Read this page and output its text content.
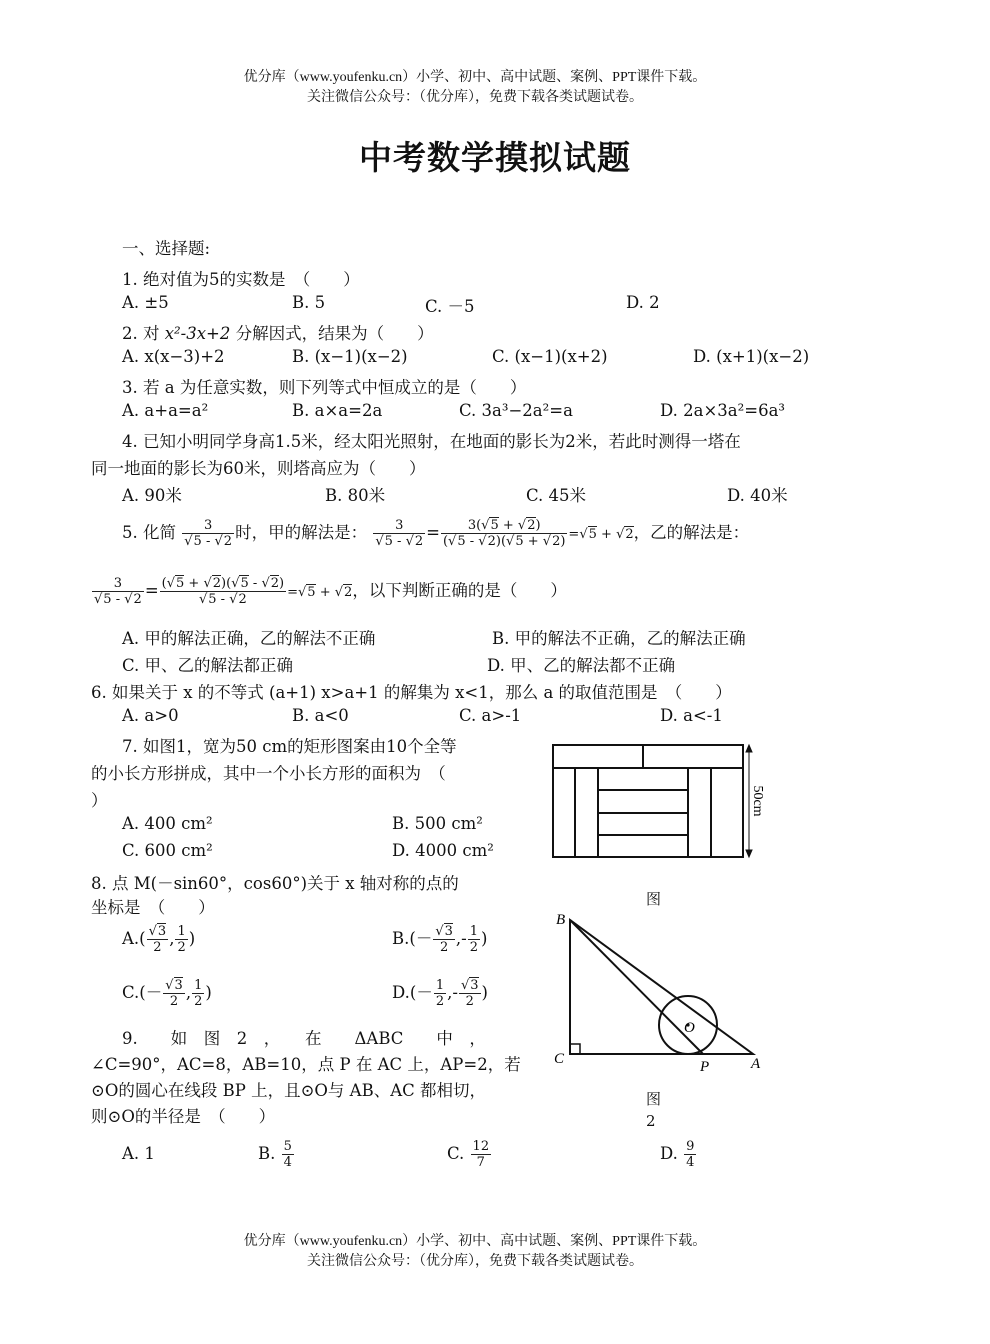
优分库（www.youfenku.cn）小学、初中、高中试题、案例、PPT课件下载。
关注微信公众号：（优分库），免费下载各类试题试卷。
中考数学摸拟试题
一、选择题:
1. 绝对值为5的实数是　（　　）
A. ±5	B. 5	C. －5	D. 2
2. 对 x²-3x+2 分解因式，结果为（　　）
A. x(x−3)+2	B. (x−1)(x−2)	C. (x−1)(x+2)	D. (x+1)(x−2)
3. 若 a 为任意实数，则下列等式中恒成立的是（　　）
A. a+a=a²	B. a×a=2a	C. 3a³−2a²=a	D. 2a×3a²=6a³
4. 已知小明同学身高1.5米，经太阳光照射，在地面的影长为2米，若此时测得一塔在
同一地面的影长为60米，则塔高应为（　　）
A. 90米	B. 80米	C. 45米	D. 40米
5. 化简 $\frac{3}{√5 - √2}$ 时，甲的解法是： $\frac{3}{√5 - √2} = \frac{3(√5 + √2)}{(√5 - √2)(√5 + √2)} =√5 + √2$，乙的解法是：
$\frac{3}{√5 - √2} = \frac{(√5 + √2)(√5 - √2)}{√5 - √2} =√5 + √2$，以下判断正确的是（　　）
A. 甲的解法正确，乙的解法不正确	B. 甲的解法不正确，乙的解法正确
C. 甲、乙的解法都正确	D. 甲、乙的解法都不正确
6. 如果关于 x 的不等式 (a+1) x>a+1 的解集为 x<1，那么 a 的取值范围是　（　　）
A. a>0	B. a<0	C. a>-1	D. a<-1
7. 如图1，宽为50 cm的矩形图案由10个全等
的小长方形拼成，其中一个小长方形的面积为　（
）
A. 400 cm²	B. 500 cm²
C. 600 cm²	D. 4000 cm²
50cm
图
8. 点 M(－sin60°，cos60°)关于 x 轴对称的点的
坐标是　（　　）
$A.( \frac{√3}{2}$ , $\frac{1}{2}$ )	$B.(- \frac{√3}{2}$ ,- $\frac{1}{2}$ )
$C.(- \frac{√3}{2}$ , $\frac{1}{2}$ )	$D.(- \frac{1}{2}$ ,- $\frac{√3}{2}$ )
B
C	A
P
O
图
2
9.　　如　图　2　，　　在　　ΔABC　　中　，
∠C=90°，AC=8，AB=10，点 P 在 AC 上，AP=2，若
⊙O的圆心在线段 BP 上，且⊙O与 AB、AC 都相切，
则⊙O的半径是　（　　）
A. 1	B. $\frac{5}{4}$	C. $\frac{12}{7}$	D. $\frac{9}{4}$
优分库（www.youfenku.cn）小学、初中、高中试题、案例、PPT课件下载。
关注微信公众号：（优分库），免费下载各类试题试卷。
